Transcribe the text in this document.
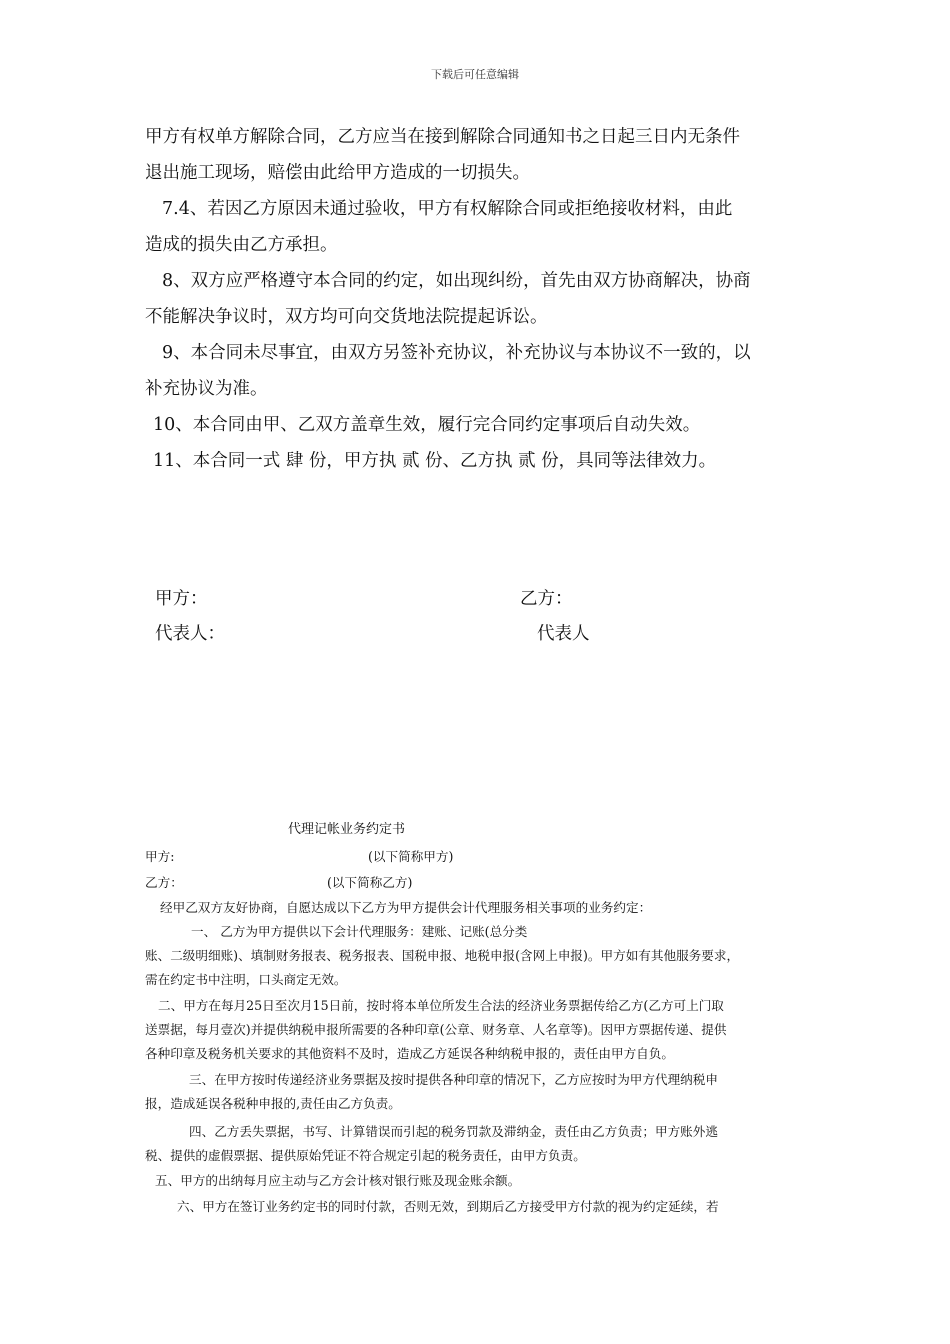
下载后可任意编辑
甲方有权单方解除合同，乙方应当在接到解除合同通知书之日起三日内无条件
退出施工现场，赔偿由此给甲方造成的一切损失。
7.4、若因乙方原因未通过验收，甲方有权解除合同或拒绝接收材料，由此
造成的损失由乙方承担。
8、双方应严格遵守本合同的约定，如出现纠纷，首先由双方协商解决，协商
不能解决争议时，双方均可向交货地法院提起诉讼。
9、本合同未尽事宜，由双方另签补充协议，补充协议与本协议不一致的，以
补充协议为准。
10、本合同由甲、乙双方盖章生效，履行完合同约定事项后自动失效。
11、本合同一式 肆 份，甲方执 贰 份、乙方执 贰 份，具同等法律效力。
甲方：	乙方：
代表人：	代表人
代理记帐业务约定书
甲方:	(以下简称甲方)
乙方：	(以下简称乙方)
经甲乙双方友好协商，自愿达成以下乙方为甲方提供会计代理服务相关事项的业务约定：
一、 乙方为甲方提供以下会计代理服务：建账、记账(总分类
账、二级明细账)、填制财务报表、税务报表、国税申报、地税申报(含网上申报)。甲方如有其他服务要求，
需在约定书中注明，口头商定无效。
二、甲方在每月25日至次月15日前，按时将本单位所发生合法的经济业务票据传给乙方(乙方可上门取
送票据，每月壹次)并提供纳税申报所需要的各种印章(公章、财务章、人名章等)。因甲方票据传递、提供
各种印章及税务机关要求的其他资料不及时，造成乙方延误各种纳税申报的，责任由甲方自负。
三、在甲方按时传递经济业务票据及按时提供各种印章的情况下，乙方应按时为甲方代理纳税申
报，造成延误各税种申报的,责任由乙方负责。
四、乙方丢失票据，书写、计算错误而引起的税务罚款及滞纳金，责任由乙方负责；甲方账外逃
税、提供的虚假票据、提供原始凭证不符合规定引起的税务责任，由甲方负责。
五、甲方的出纳每月应主动与乙方会计核对银行账及现金账余额。
六、甲方在签订业务约定书的同时付款，否则无效，到期后乙方接受甲方付款的视为约定延续，若
